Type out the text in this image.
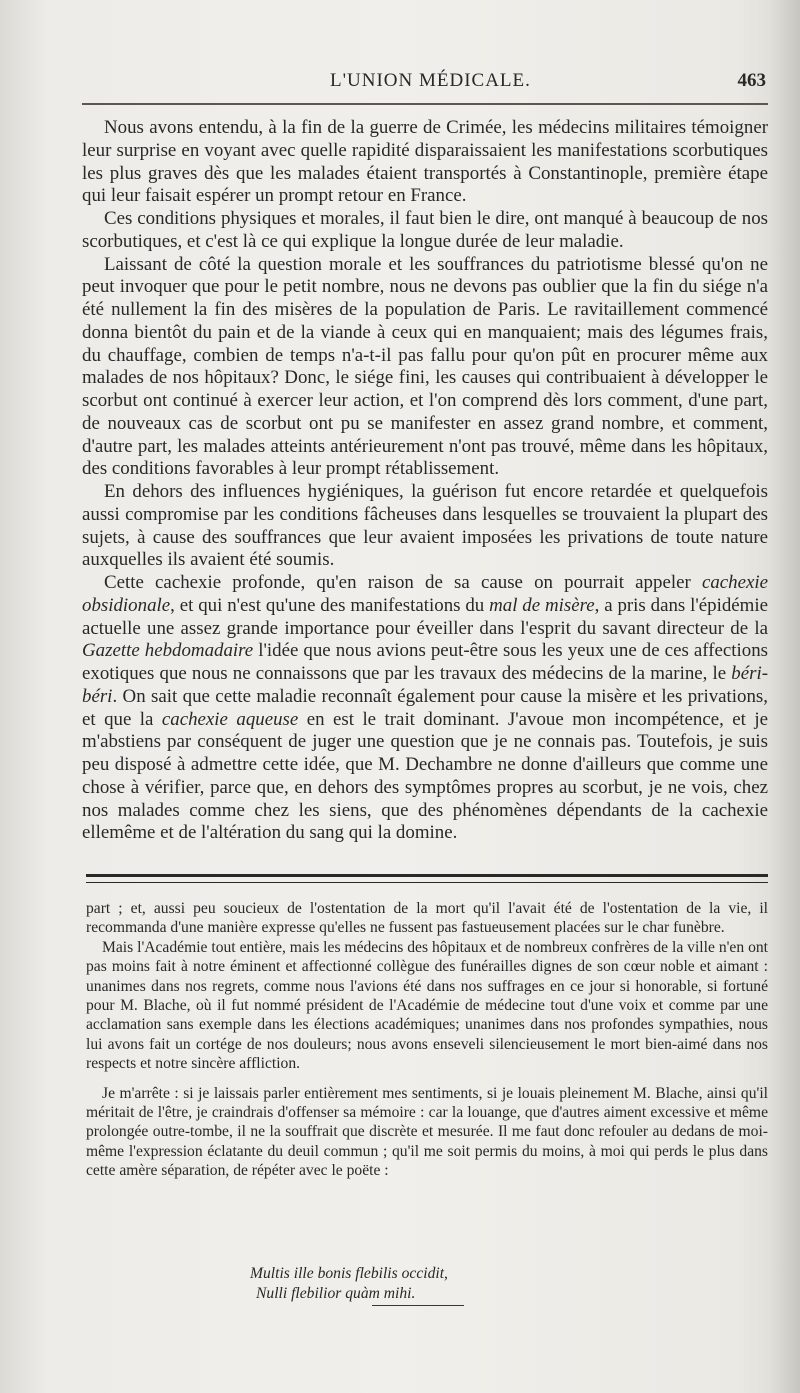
L'UNION MÉDICALE.	463

Nous avons entendu, à la fin de la guerre de Crimée, les médecins militaires témoigner leur surprise en voyant avec quelle rapidité disparaissaient les manifestations scorbutiques les plus graves dès que les malades étaient transportés à Constantinople, première étape qui leur faisait espérer un prompt retour en France.

Ces conditions physiques et morales, il faut bien le dire, ont manqué à beaucoup de nos scorbutiques, et c'est là ce qui explique la longue durée de leur maladie.

Laissant de côté la question morale et les souffrances du patriotisme blessé qu'on ne peut invoquer que pour le petit nombre, nous ne devons pas oublier que la fin du siége n'a été nullement la fin des misères de la population de Paris. Le ravitaillement commencé donna bientôt du pain et de la viande à ceux qui en manquaient; mais des légumes frais, du chauffage, combien de temps n'a-t-il pas fallu pour qu'on pût en procurer même aux malades de nos hôpitaux? Donc, le siége fini, les causes qui contribuaient à développer le scorbut ont continué à exercer leur action, et l'on comprend dès lors comment, d'une part, de nouveaux cas de scorbut ont pu se manifester en assez grand nombre, et comment, d'autre part, les malades atteints antérieurement n'ont pas trouvé, même dans les hôpitaux, des conditions favorables à leur prompt rétablissement.

En dehors des influences hygiéniques, la guérison fut encore retardée et quelquefois aussi compromise par les conditions fâcheuses dans lesquelles se trouvaient la plupart des sujets, à cause des souffrances que leur avaient imposées les privations de toute nature auxquelles ils avaient été soumis.

Cette cachexie profonde, qu'en raison de sa cause on pourrait appeler cachexie obsidionale, et qui n'est qu'une des manifestations du mal de misère, a pris dans l'épidémie actuelle une assez grande importance pour éveiller dans l'esprit du savant directeur de la Gazette hebdomadaire l'idée que nous avions peut-être sous les yeux une de ces affections exotiques que nous ne connaissons que par les travaux des médecins de la marine, le béri-béri. On sait que cette maladie reconnaît également pour cause la misère et les privations, et que la cachexie aqueuse en est le trait dominant. J'avoue mon incompétence, et je m'abstiens par conséquent de juger une question que je ne connais pas. Toutefois, je suis peu disposé à admettre cette idée, que M. Dechambre ne donne d'ailleurs que comme une chose à vérifier, parce que, en dehors des symptômes propres au scorbut, je ne vois, chez nos malades comme chez les siens, que des phénomènes dépendants de la cachexie ellemême et de l'altération du sang qui la domine.

part ; et, aussi peu soucieux de l'ostentation de la mort qu'il l'avait été de l'ostentation de la vie, il recommanda d'une manière expresse qu'elles ne fussent pas fastueusement placées sur le char funèbre.

Mais l'Académie tout entière, mais les médecins des hôpitaux et de nombreux confrères de la ville n'en ont pas moins fait à notre éminent et affectionné collègue des funérailles dignes de son cœur noble et aimant : unanimes dans nos regrets, comme nous l'avions été dans nos suffrages en ce jour si honorable, si fortuné pour M. Blache, où il fut nommé président de l'Académie de médecine tout d'une voix et comme par une acclamation sans exemple dans les élections académiques; unanimes dans nos profondes sympathies, nous lui avons fait un cortége de nos douleurs; nous avons enseveli silencieusement le mort bien-aimé dans nos respects et notre sincère affliction.

Je m'arrête : si je laissais parler entièrement mes sentiments, si je louais pleinement M. Blache, ainsi qu'il méritait de l'être, je craindrais d'offenser sa mémoire : car la louange, que d'autres aiment excessive et même prolongée outre-tombe, il ne la souffrait que discrète et mesurée. Il me faut donc refouler au dedans de moi-même l'expression éclatante du deuil commun ; qu'il me soit permis du moins, à moi qui perds le plus dans cette amère séparation, de répéter avec le poëte :

Multis ille bonis flebilis occidit,
Nulli flebilior quàm mihi.
